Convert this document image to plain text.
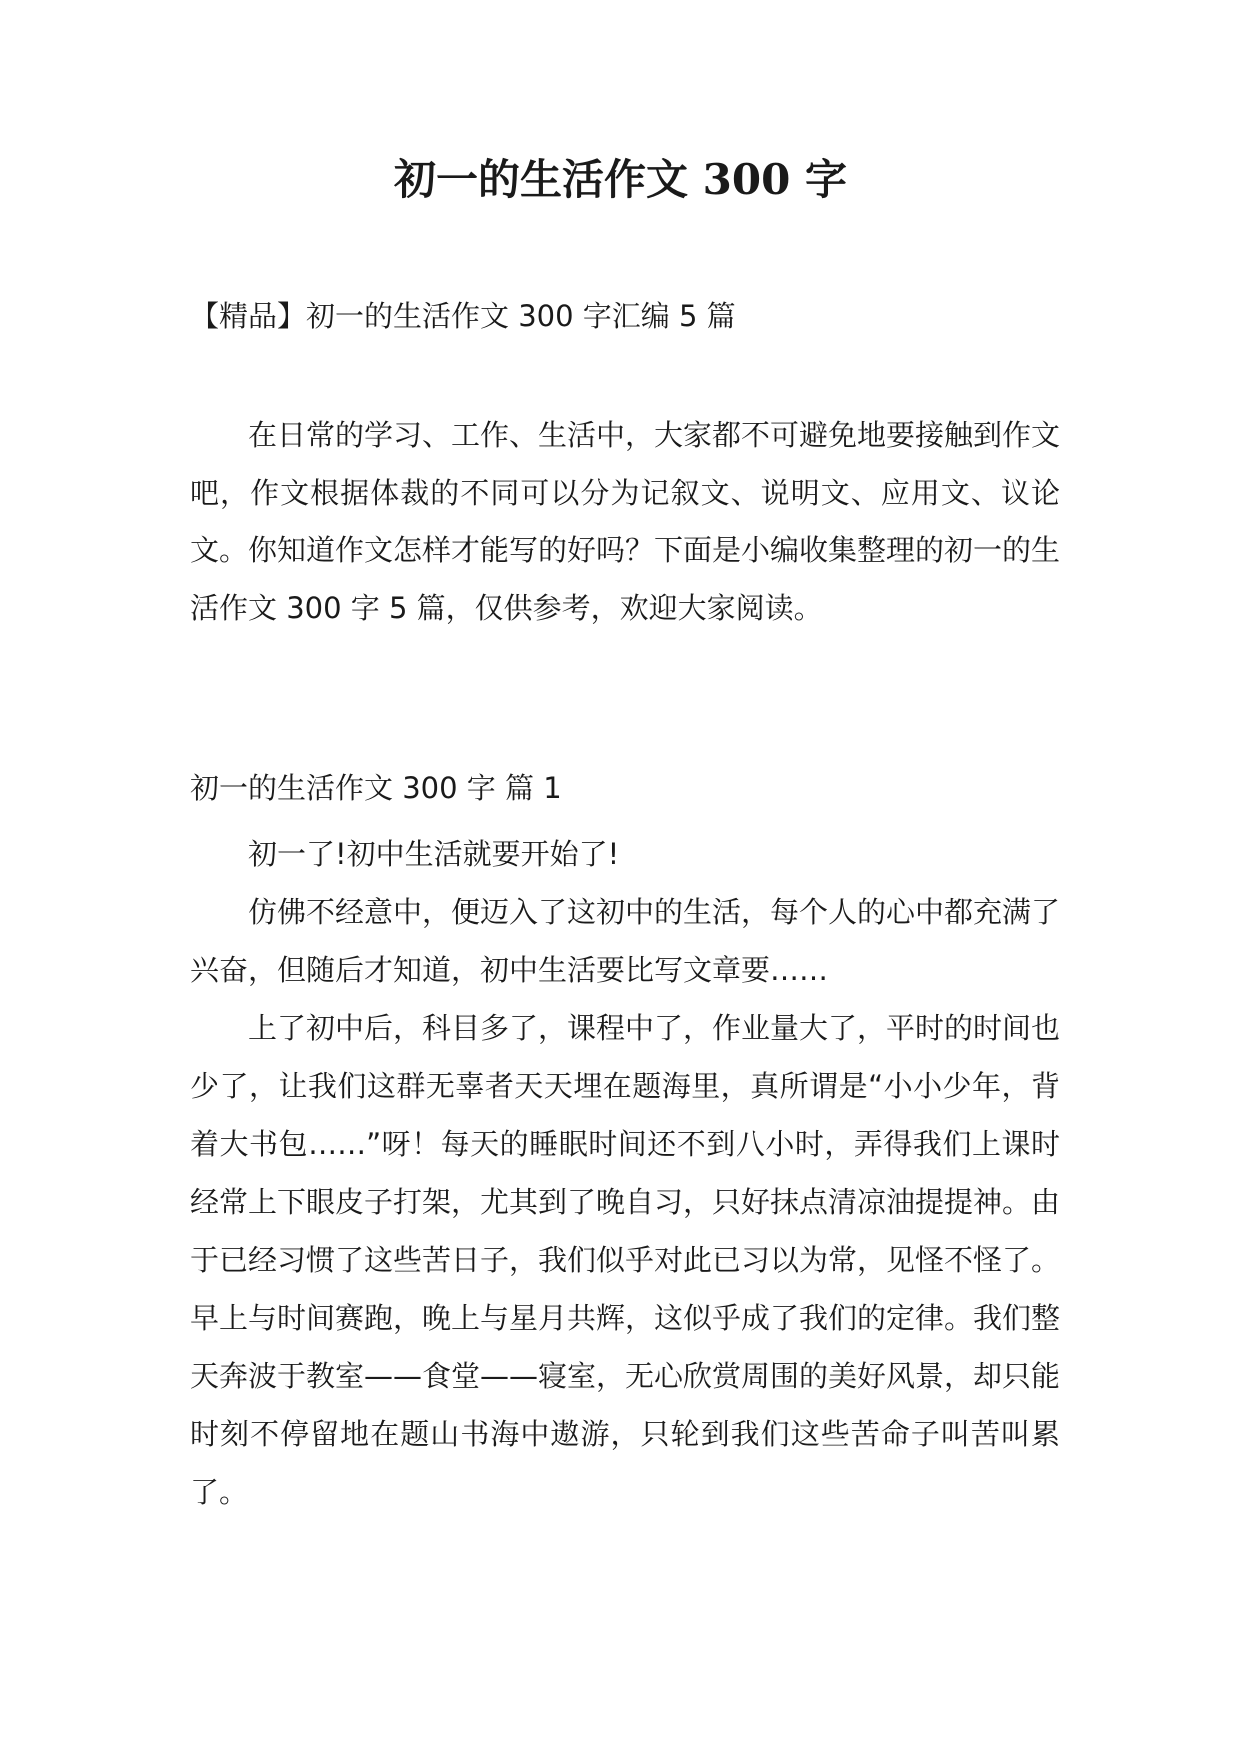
初一的生活作文 300 字
【精品】初一的生活作文 300 字汇编 5 篇

在日常的学习、工作、生活中，大家都不可避免地要接触到作文吧，作文根据体裁的不同可以分为记叙文、说明文、应用文、议论文。你知道作文怎样才能写的好吗？下面是小编收集整理的初一的生活作文 300 字 5 篇，仅供参考，欢迎大家阅读。

初一的生活作文 300 字 篇 1

初一了!初中生活就要开始了!

仿佛不经意中，便迈入了这初中的生活，每个人的心中都充满了兴奋，但随后才知道，初中生活要比写文章要……

上了初中后，科目多了，课程中了，作业量大了，平时的时间也少了，让我们这群无辜者天天埋在题海里，真所谓是“小小少年，背着大书包……”呀！每天的睡眠时间还不到八小时，弄得我们上课时经常上下眼皮子打架，尤其到了晚自习，只好抹点清凉油提提神。由于已经习惯了这些苦日子，我们似乎对此已习以为常，见怪不怪了。早上与时间赛跑，晚上与星月共辉，这似乎成了我们的定律。我们整天奔波于教室——食堂——寝室，无心欣赏周围的美好风景，却只能时刻不停留地在题山书海中遨游，只轮到我们这些苦命子叫苦叫累了。
